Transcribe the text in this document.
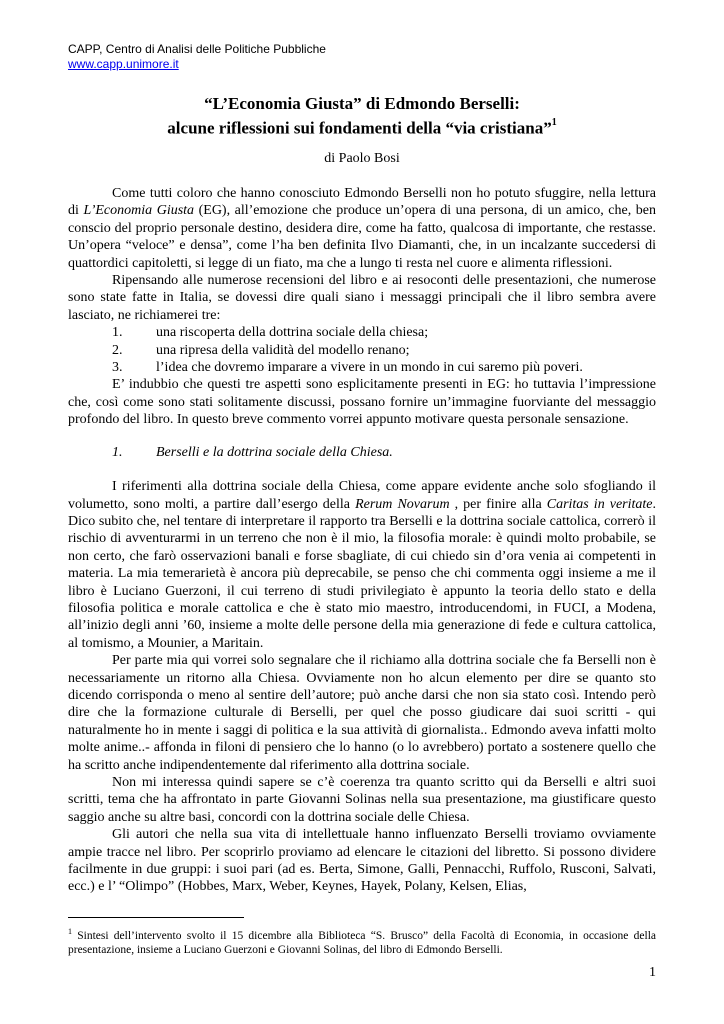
CAPP, Centro di Analisi delle Politiche Pubbliche
www.capp.unimore.it
“L’Economia Giusta” di Edmondo Berselli:
alcune riflessioni sui fondamenti della “via cristiana”$^1$
di Paolo Bosi

Come tutti coloro che hanno conosciuto Edmondo Berselli non ho potuto sfuggire, nella lettura di L’Economia Giusta (EG), all’emozione che produce un’opera di una persona, di un amico, che, ben conscio del proprio personale destino, desidera dire, come ha fatto, qualcosa di importante, che restasse. Un’opera “veloce” e densa”, come l’ha ben definita Ilvo Diamanti, che, in un incalzante succedersi di quattordici capitoletti, si legge di un fiato, ma che a lungo ti resta nel cuore e alimenta riflessioni.

Ripensando alle numerose recensioni del libro e ai resoconti delle presentazioni, che numerose sono state fatte in Italia, se dovessi dire quali siano i messaggi principali che il libro sembra avere lasciato, ne richiamerei tre:

1.	una riscoperta della dottrina sociale della chiesa;
2.	una ripresa della validità del modello renano;
3.	l’idea che dovremo imparare a vivere in un mondo in cui saremo più poveri.

E’ indubbio che questi tre aspetti sono esplicitamente presenti in EG: ho tuttavia l’impressione che, così come sono stati solitamente discussi, possano fornire un’immagine fuorviante del messaggio profondo del libro. In questo breve commento vorrei appunto motivare questa personale sensazione.

1.	Berselli e la dottrina sociale della Chiesa.

I riferimenti alla dottrina sociale della Chiesa, come appare evidente anche solo sfogliando il volumetto, sono molti, a partire dall’esergo della Rerum Novarum , per finire alla Caritas in veritate. Dico subito che, nel tentare di interpretare il rapporto tra Berselli e la dottrina sociale cattolica, correrò il rischio di avventurarmi in un terreno che non è il mio, la filosofia morale: è quindi molto probabile, se non certo, che farò osservazioni banali e forse sbagliate, di cui chiedo sin d’ora venia ai competenti in materia. La mia temerarietà è ancora più deprecabile, se penso che chi commenta oggi insieme a me il libro è Luciano Guerzoni, il cui terreno di studi privilegiato è appunto la teoria dello stato e della filosofia politica e morale cattolica e che è stato mio maestro, introducendomi, in FUCI, a Modena, all’inizio degli anni ’60, insieme a molte delle persone della mia generazione di fede e cultura cattolica, al tomismo, a Mounier, a Maritain.

Per parte mia qui vorrei solo segnalare che il richiamo alla dottrina sociale che fa Berselli non è necessariamente un ritorno alla Chiesa. Ovviamente non ho alcun elemento per dire se quanto sto dicendo corrisponda o meno al sentire dell’autore; può anche darsi che non sia stato così. Intendo però dire che la formazione culturale di Berselli, per quel che posso giudicare dai suoi scritti - qui naturalmente ho in mente i saggi di politica e la sua attività di giornalista.. Edmondo aveva infatti molto molte anime..- affonda in filoni di pensiero che lo hanno (o lo avrebbero) portato a sostenere quello che ha scritto anche indipendentemente dal riferimento alla dottrina sociale.

Non mi interessa quindi sapere se c’è coerenza tra quanto scritto qui da Berselli e altri suoi scritti, tema che ha affrontato in parte Giovanni Solinas nella sua presentazione, ma giustificare questo saggio anche su altre basi, concordi con la dottrina sociale delle Chiesa.

Gli autori che nella sua vita di intellettuale hanno influenzato Berselli troviamo ovviamente ampie tracce nel libro. Per scoprirlo proviamo ad elencare le citazioni del libretto. Si possono dividere facilmente in due gruppi: i suoi pari (ad es. Berta, Simone, Galli, Pennacchi, Ruffolo, Rusconi, Salvati, ecc.) e l’ “Olimpo” (Hobbes, Marx, Weber, Keynes, Hayek, Polany, Kelsen, Elias,

$^1$ Sintesi dell’intervento svolto il 15 dicembre alla Biblioteca “S. Brusco” della Facoltà di Economia, in occasione della presentazione, insieme a Luciano Guerzoni e Giovanni Solinas, del libro di Edmondo Berselli.
1
